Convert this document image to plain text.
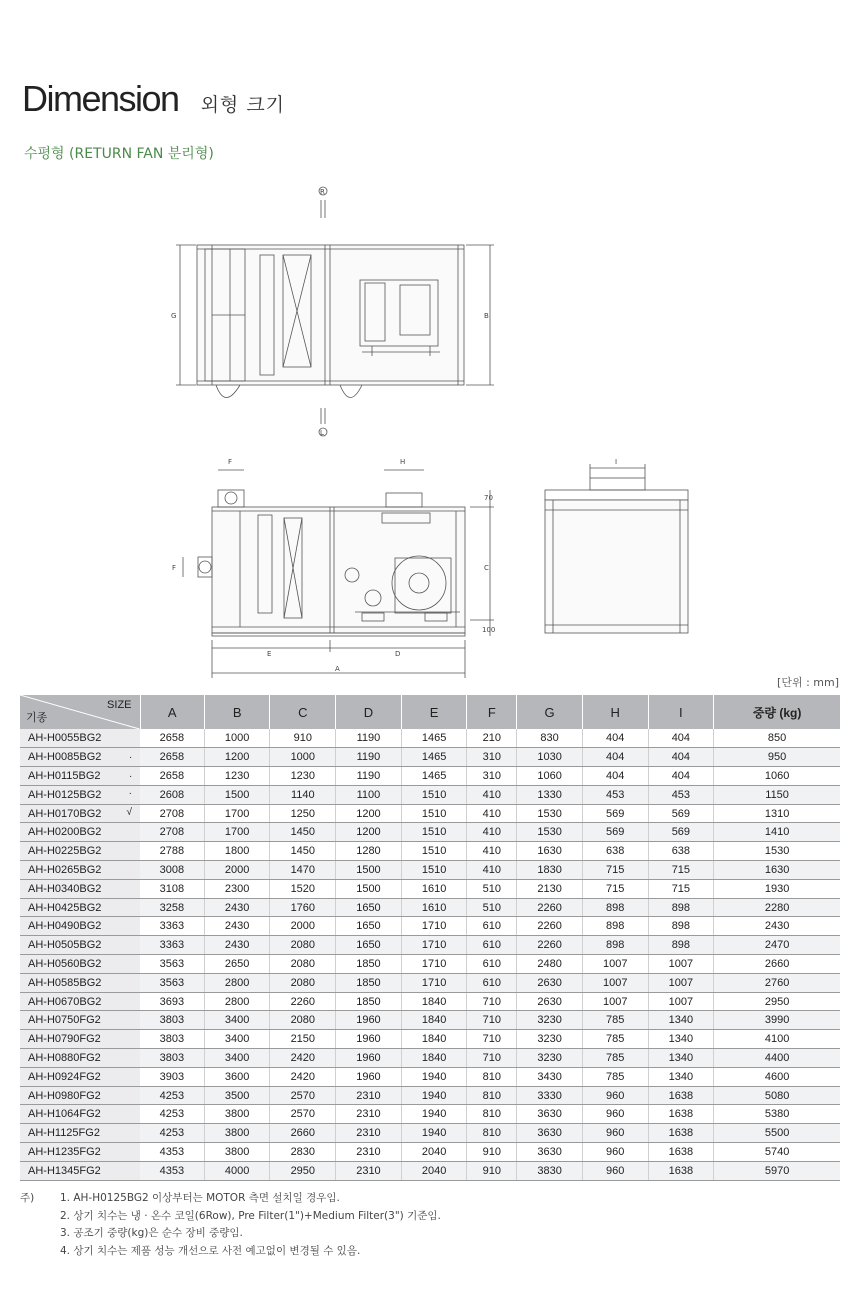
Dimension 외형 크기
수평형 (RETURN FAN 분리형)
R
L
G	B
F
F
H
C
70
100
E	D
A
I
[단위 : mm]
SIZE
기종	A	B	C	D	E	F	G	H	I	중량 (kg)
AH-H0055BG2	2658	1000	910	1190	1465	210	830	404	404	850
AH-H0085BG2 .	2658	1200	1000	1190	1465	310	1030	404	404	950
AH-H0115BG2 .	2658	1230	1230	1190	1465	310	1060	404	404	1060
AH-H0125BG2 ·	2608	1500	1140	1100	1510	410	1330	453	453	1150
AH-H0170BG2 √	2708	1700	1250	1200	1510	410	1530	569	569	1310
AH-H0200BG2	2708	1700	1450	1200	1510	410	1530	569	569	1410
AH-H0225BG2	2788	1800	1450	1280	1510	410	1630	638	638	1530
AH-H0265BG2	3008	2000	1470	1500	1510	410	1830	715	715	1630
AH-H0340BG2	3108	2300	1520	1500	1610	510	2130	715	715	1930
AH-H0425BG2	3258	2430	1760	1650	1610	510	2260	898	898	2280
AH-H0490BG2	3363	2430	2000	1650	1710	610	2260	898	898	2430
AH-H0505BG2	3363	2430	2080	1650	1710	610	2260	898	898	2470
AH-H0560BG2	3563	2650	2080	1850	1710	610	2480	1007	1007	2660
AH-H0585BG2	3563	2800	2080	1850	1710	610	2630	1007	1007	2760
AH-H0670BG2	3693	2800	2260	1850	1840	710	2630	1007	1007	2950
AH-H0750FG2	3803	3400	2080	1960	1840	710	3230	785	1340	3990
AH-H0790FG2	3803	3400	2150	1960	1840	710	3230	785	1340	4100
AH-H0880FG2	3803	3400	2420	1960	1840	710	3230	785	1340	4400
AH-H0924FG2	3903	3600	2420	1960	1940	810	3430	785	1340	4600
AH-H0980FG2	4253	3500	2570	2310	1940	810	3330	960	1638	5080
AH-H1064FG2	4253	3800	2570	2310	1940	810	3630	960	1638	5380
AH-H1125FG2	4253	3800	2660	2310	1940	810	3630	960	1638	5500
AH-H1235FG2	4353	3800	2830	2310	2040	910	3630	960	1638	5740
AH-H1345FG2	4353	4000	2950	2310	2040	910	3830	960	1638	5970
주) 1. AH-H0125BG2 이상부터는 MOTOR 측면 설치일 경우임.
2. 상기 치수는 냉 · 온수 코일(6Row), Pre Filter(1")+Medium Filter(3") 기준임.
3. 공조기 중량(kg)은 순수 장비 중량임.
4. 상기 치수는 제품 성능 개선으로 사전 예고없이 변경될 수 있음.
